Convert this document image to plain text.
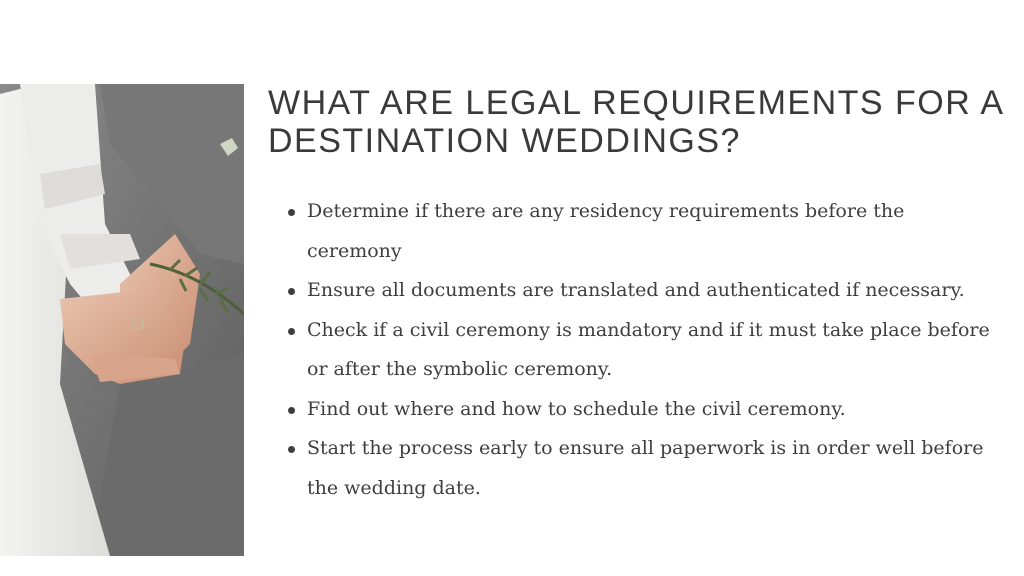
WHAT ARE LEGAL REQUIREMENTS FOR A DESTINATION WEDDINGS?
Determine if there are any residency requirements before the ceremony
Ensure all documents are translated and authenticated if necessary.
Check if a civil ceremony is mandatory and if it must take place before or after the symbolic ceremony.
Find out where and how to schedule the civil ceremony.
Start the process early to ensure all paperwork is in order well before the wedding date.
